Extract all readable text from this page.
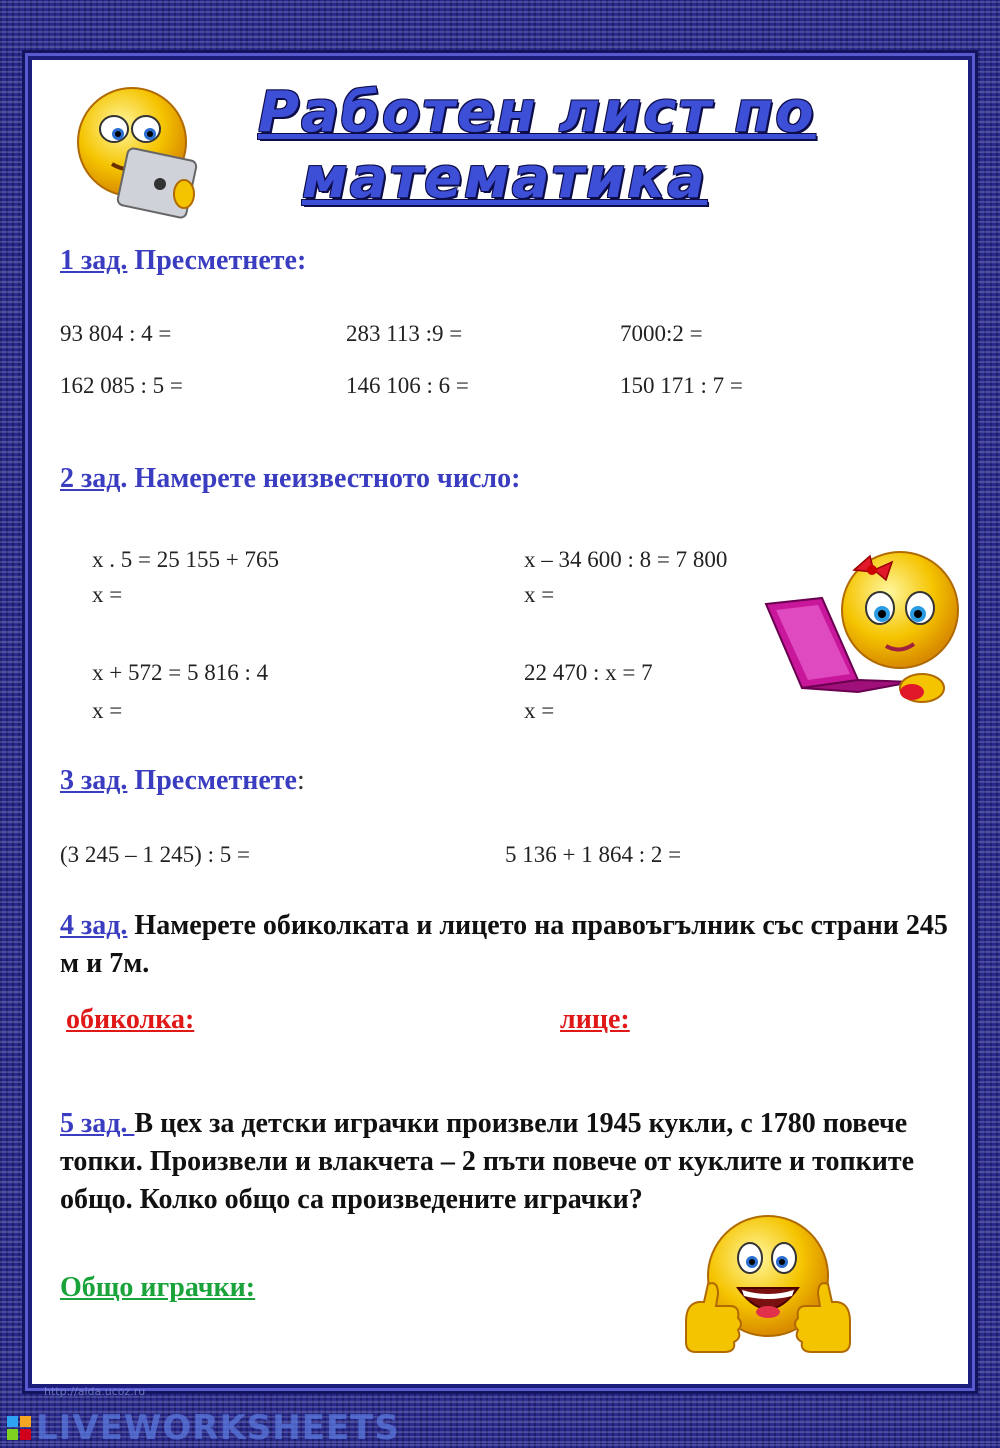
Работен лист по
математика
1 зад. Пресметнете:
93 804 : 4 =	283 113 :9 =	7000:2 =
162 085 : 5 =	146 106 : 6 =	150 171 : 7 =
2 зад. Намерете неизвестното число:
х . 5 = 25 155 + 765
х =
х – 34 600 : 8 = 7 800
х =
х + 572 = 5 816 : 4
х =
22 470 : х = 7
х =
3 зад. Пресметнете:
(3 245 – 1 245) : 5 =	5 136 + 1 864 : 2 =
4 зад. Намерете обиколката и лицето на правоъгълник със страни 245 м и 7м.
обиколка:	лице:
5 зад. В цех за детски играчки произвели 1945 кукли, с 1780 повече топки. Произвели и влакчета – 2 пъти повече от куклите и топките общо. Колко общо са произведените играчки?
Общо играчки:
http://aida.ucoz.ru
LIVEWORKSHEETS
